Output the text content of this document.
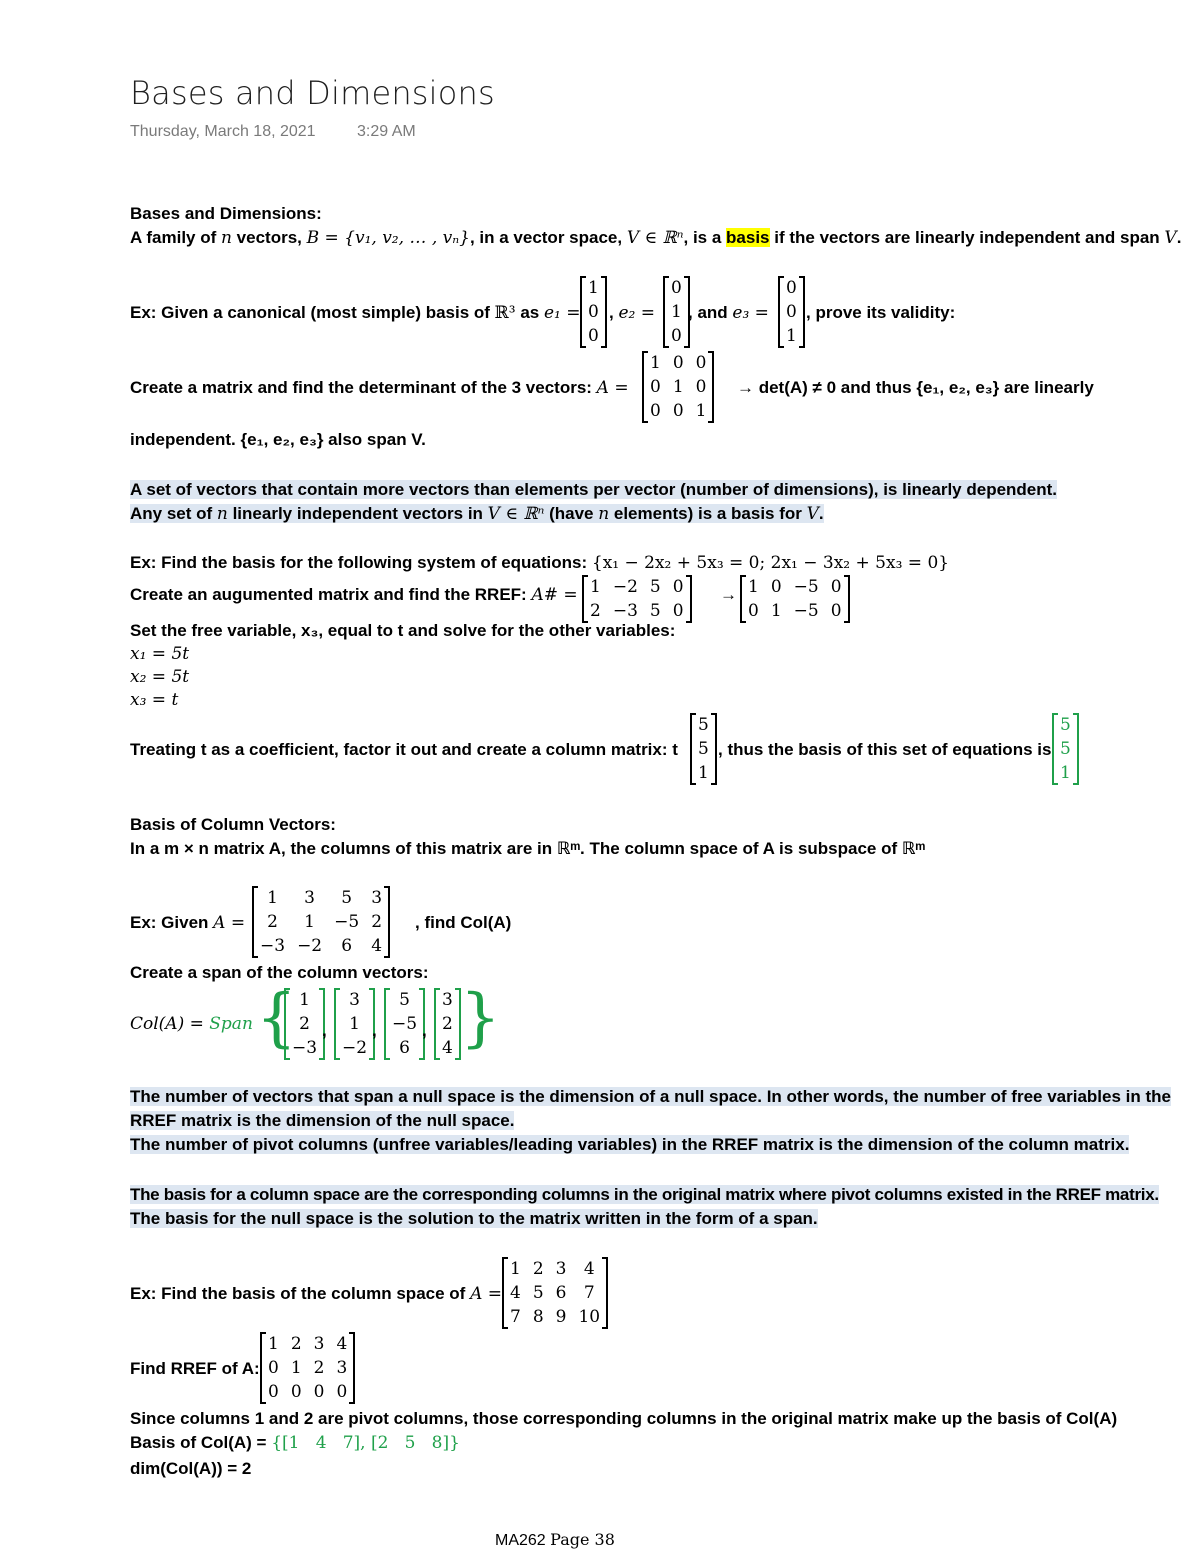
Bases and Dimensions
Thursday, March 18, 2021	3:29 AM
Bases and Dimensions:
A family of n vectors, B = {v₁, v₂, … , vₙ}, in a vector space, V ∈ ℝⁿ, is a basis if the vectors are linearly independent and span V.
Ex: Given a canonical (most simple) basis of ℝ³ as e₁ =
1
0
0
, e₂ =
0
1
0
, and e₃ =
0
0
1
, prove its validity:
Create a matrix and find the determinant of the 3 vectors: A =
1	0	0
0	1	0
0	0	1
→ det(A) ≠ 0 and thus {e₁, e₂, e₃} are linearly
independent. {e₁, e₂, e₃} also span V.
A set of vectors that contain more vectors than elements per vector (number of dimensions), is linearly dependent.
Any set of n linearly independent vectors in V ∈ ℝⁿ (have n elements) is a basis for V.
Ex: Find the basis for the following system of equations: {x₁ − 2x₂ + 5x₃ = 0; 2x₁ − 3x₂ + 5x₃ = 0}
Create an augumented matrix and find the RREF: A# = 1	−2	5	0
2	−3	5	0
→ 1	0	−5	0
0	1	−5	0
Set the free variable, x₃, equal to t and solve for the other variables:
x₁ = 5t
x₂ = 5t
x₃ = t
Treating t as a coefficient, factor it out and create a column matrix: t
5
5
1
, thus the basis of this set of equations is
5
5
1
Basis of Column Vectors:
In a m × n matrix A, the columns of this matrix are in ℝᵐ. The column space of A is subspace of ℝᵐ
Ex: Given A =
1	3	5	3
2	1	−5	2
−3	−2	6	4
, find Col(A)
Create a span of the column vectors:
Col(A) = Span { 1
2
−3
,
3
1
−2
,
5
−5
6
,
3
2
4 }
The number of vectors that span a null space is the dimension of a null space. In other words, the number of free variables in the
RREF matrix is the dimension of the null space.
The number of pivot columns (unfree variables/leading variables) in the RREF matrix is the dimension of the column matrix.
The basis for a column space are the corresponding columns in the original matrix where pivot columns existed in the RREF matrix.
The basis for the null space is the solution to the matrix written in the form of a span.
Ex: Find the basis of the column space of A =
1	2	3	4
4	5	6	7
7	8	9	10
Find RREF of A:
1	2	3	4
0	1	2	3
0	0	0	0
Since columns 1 and 2 are pivot columns, those corresponding columns in the original matrix make up the basis of Col(A)
Basis of Col(A) = {[1   4   7], [2   5   8]}
dim(Col(A)) = 2
MA262 Page 38
